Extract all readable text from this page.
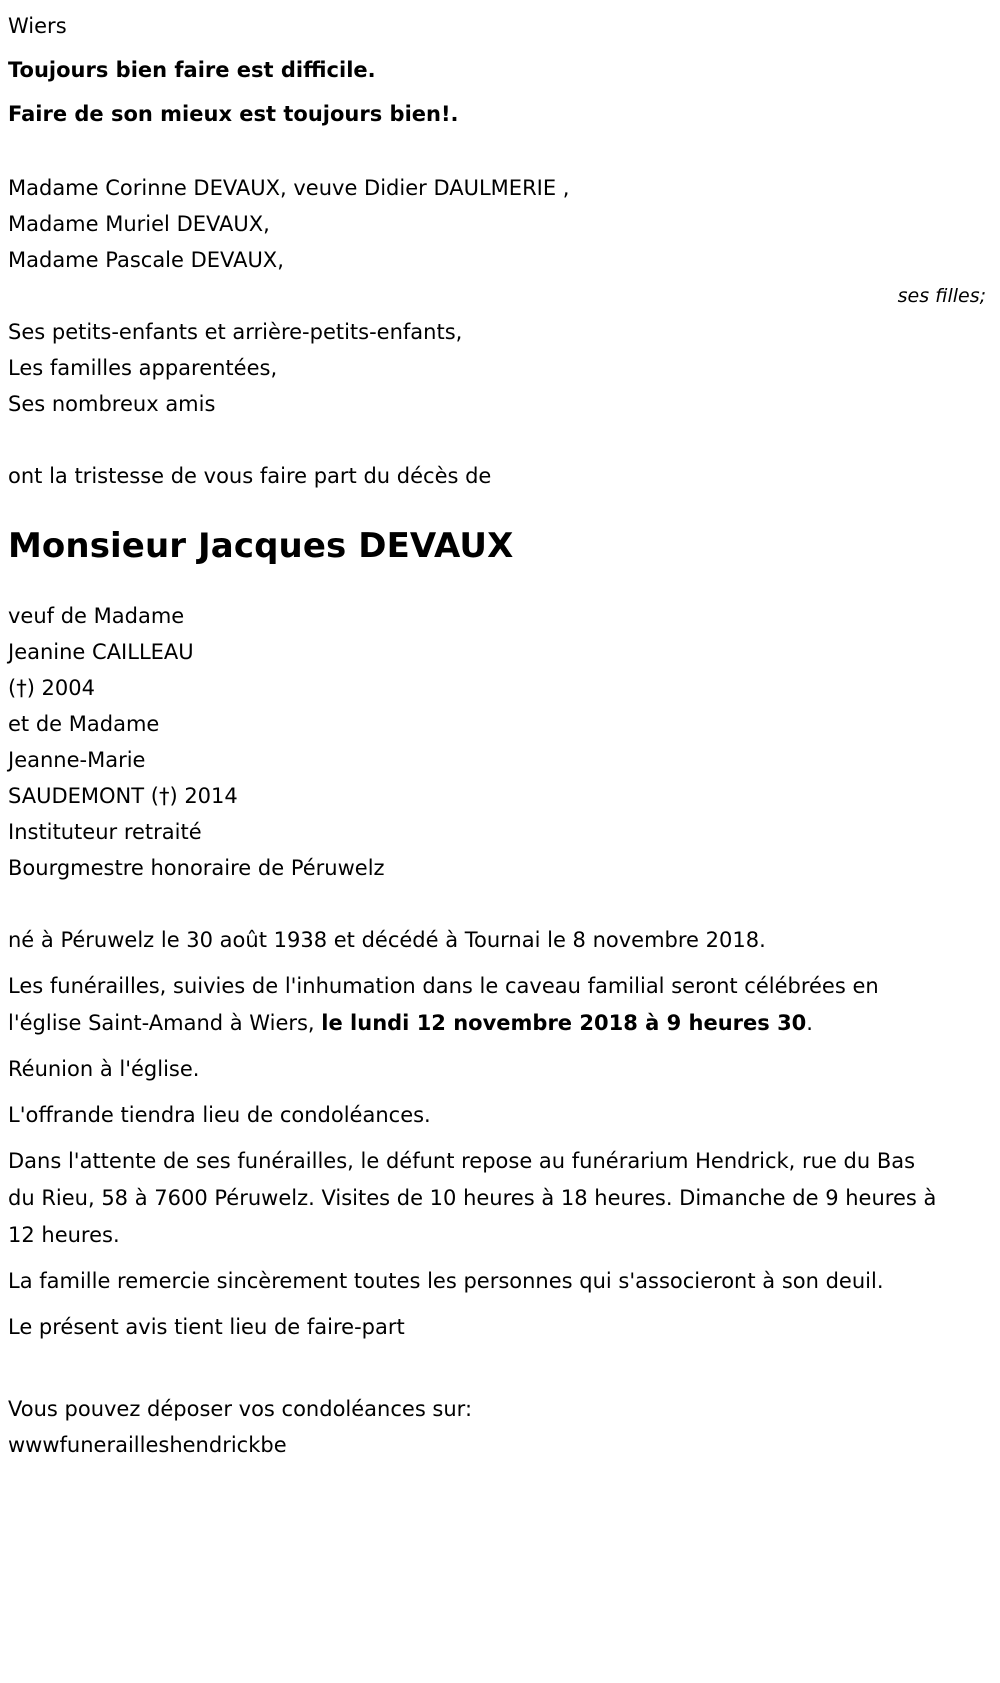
Wiers

Toujours bien faire est difficile.

Faire de son mieux est toujours bien!.

Madame Corinne DEVAUX, veuve Didier DAULMERIE ,

Madame Muriel DEVAUX,

Madame Pascale DEVAUX,

ses filles;

Ses petits-enfants et arrière-petits-enfants,

Les familles apparentées,

Ses nombreux amis

ont la tristesse de vous faire part du décès de

Monsieur Jacques DEVAUX

veuf de Madame

Jeanine CAILLEAU

(†) 2004

et de Madame

Jeanne-Marie

SAUDEMONT (†) 2014

Instituteur retraité

Bourgmestre honoraire de Péruwelz

né à Péruwelz le 30 août 1938 et décédé à Tournai le 8 novembre 2018.

Les funérailles, suivies de l'inhumation dans le caveau familial seront célébrées en l'église Saint-Amand à Wiers, le lundi 12 novembre 2018 à 9 heures 30.

Réunion à l'église.

L'offrande tiendra lieu de condoléances.

Dans l'attente de ses funérailles, le défunt repose au funérarium Hendrick, rue du Bas du Rieu, 58 à 7600 Péruwelz. Visites de 10 heures à 18 heures. Dimanche de 9 heures à 12 heures.

La famille remercie sincèrement toutes les personnes qui s'associeront à son deuil.

Le présent avis tient lieu de faire-part

Vous pouvez déposer vos condoléances sur:

wwwfunerailleshendrickbe
